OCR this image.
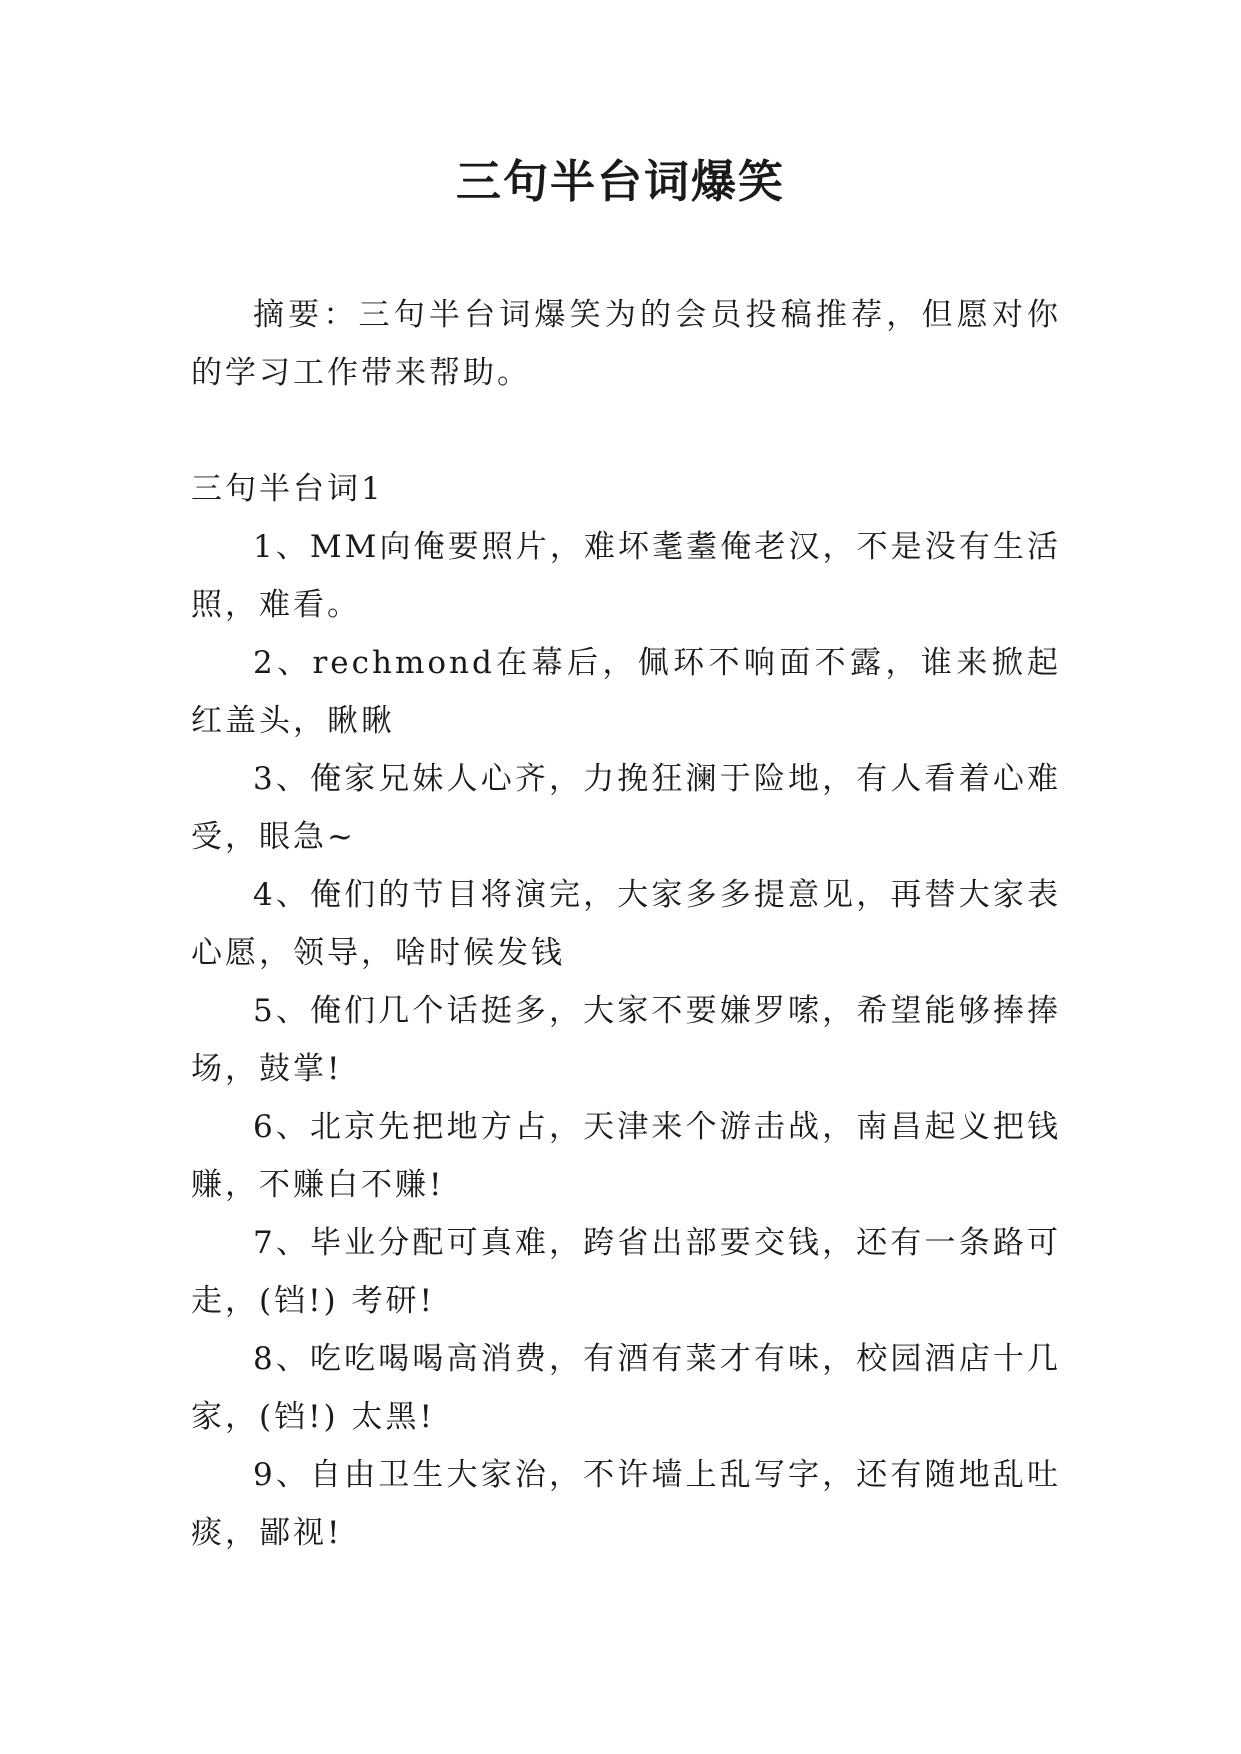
三句半台词爆笑

摘要：三句半台词爆笑为的会员投稿推荐，但愿对你的学习工作带来帮助。

三句半台词1

1、MM向俺要照片，难坏耄耋俺老汉，不是没有生活照，难看。

2、rechmond在幕后，佩环不响面不露，谁来掀起红盖头，瞅瞅

3、俺家兄妹人心齐，力挽狂澜于险地，有人看着心难受，眼急~

4、俺们的节目将演完，大家多多提意见，再替大家表心愿，领导，啥时候发钱

5、俺们几个话挺多，大家不要嫌罗嗦，希望能够捧捧场，鼓掌!

6、北京先把地方占，天津来个游击战，南昌起义把钱赚，不赚白不赚!

7、毕业分配可真难，跨省出部要交钱，还有一条路可走，(铛!) 考研!

8、吃吃喝喝高消费，有酒有菜才有味，校园酒店十几家，(铛!) 太黑!

9、自由卫生大家治，不许墙上乱写字，还有随地乱吐痰，鄙视!
